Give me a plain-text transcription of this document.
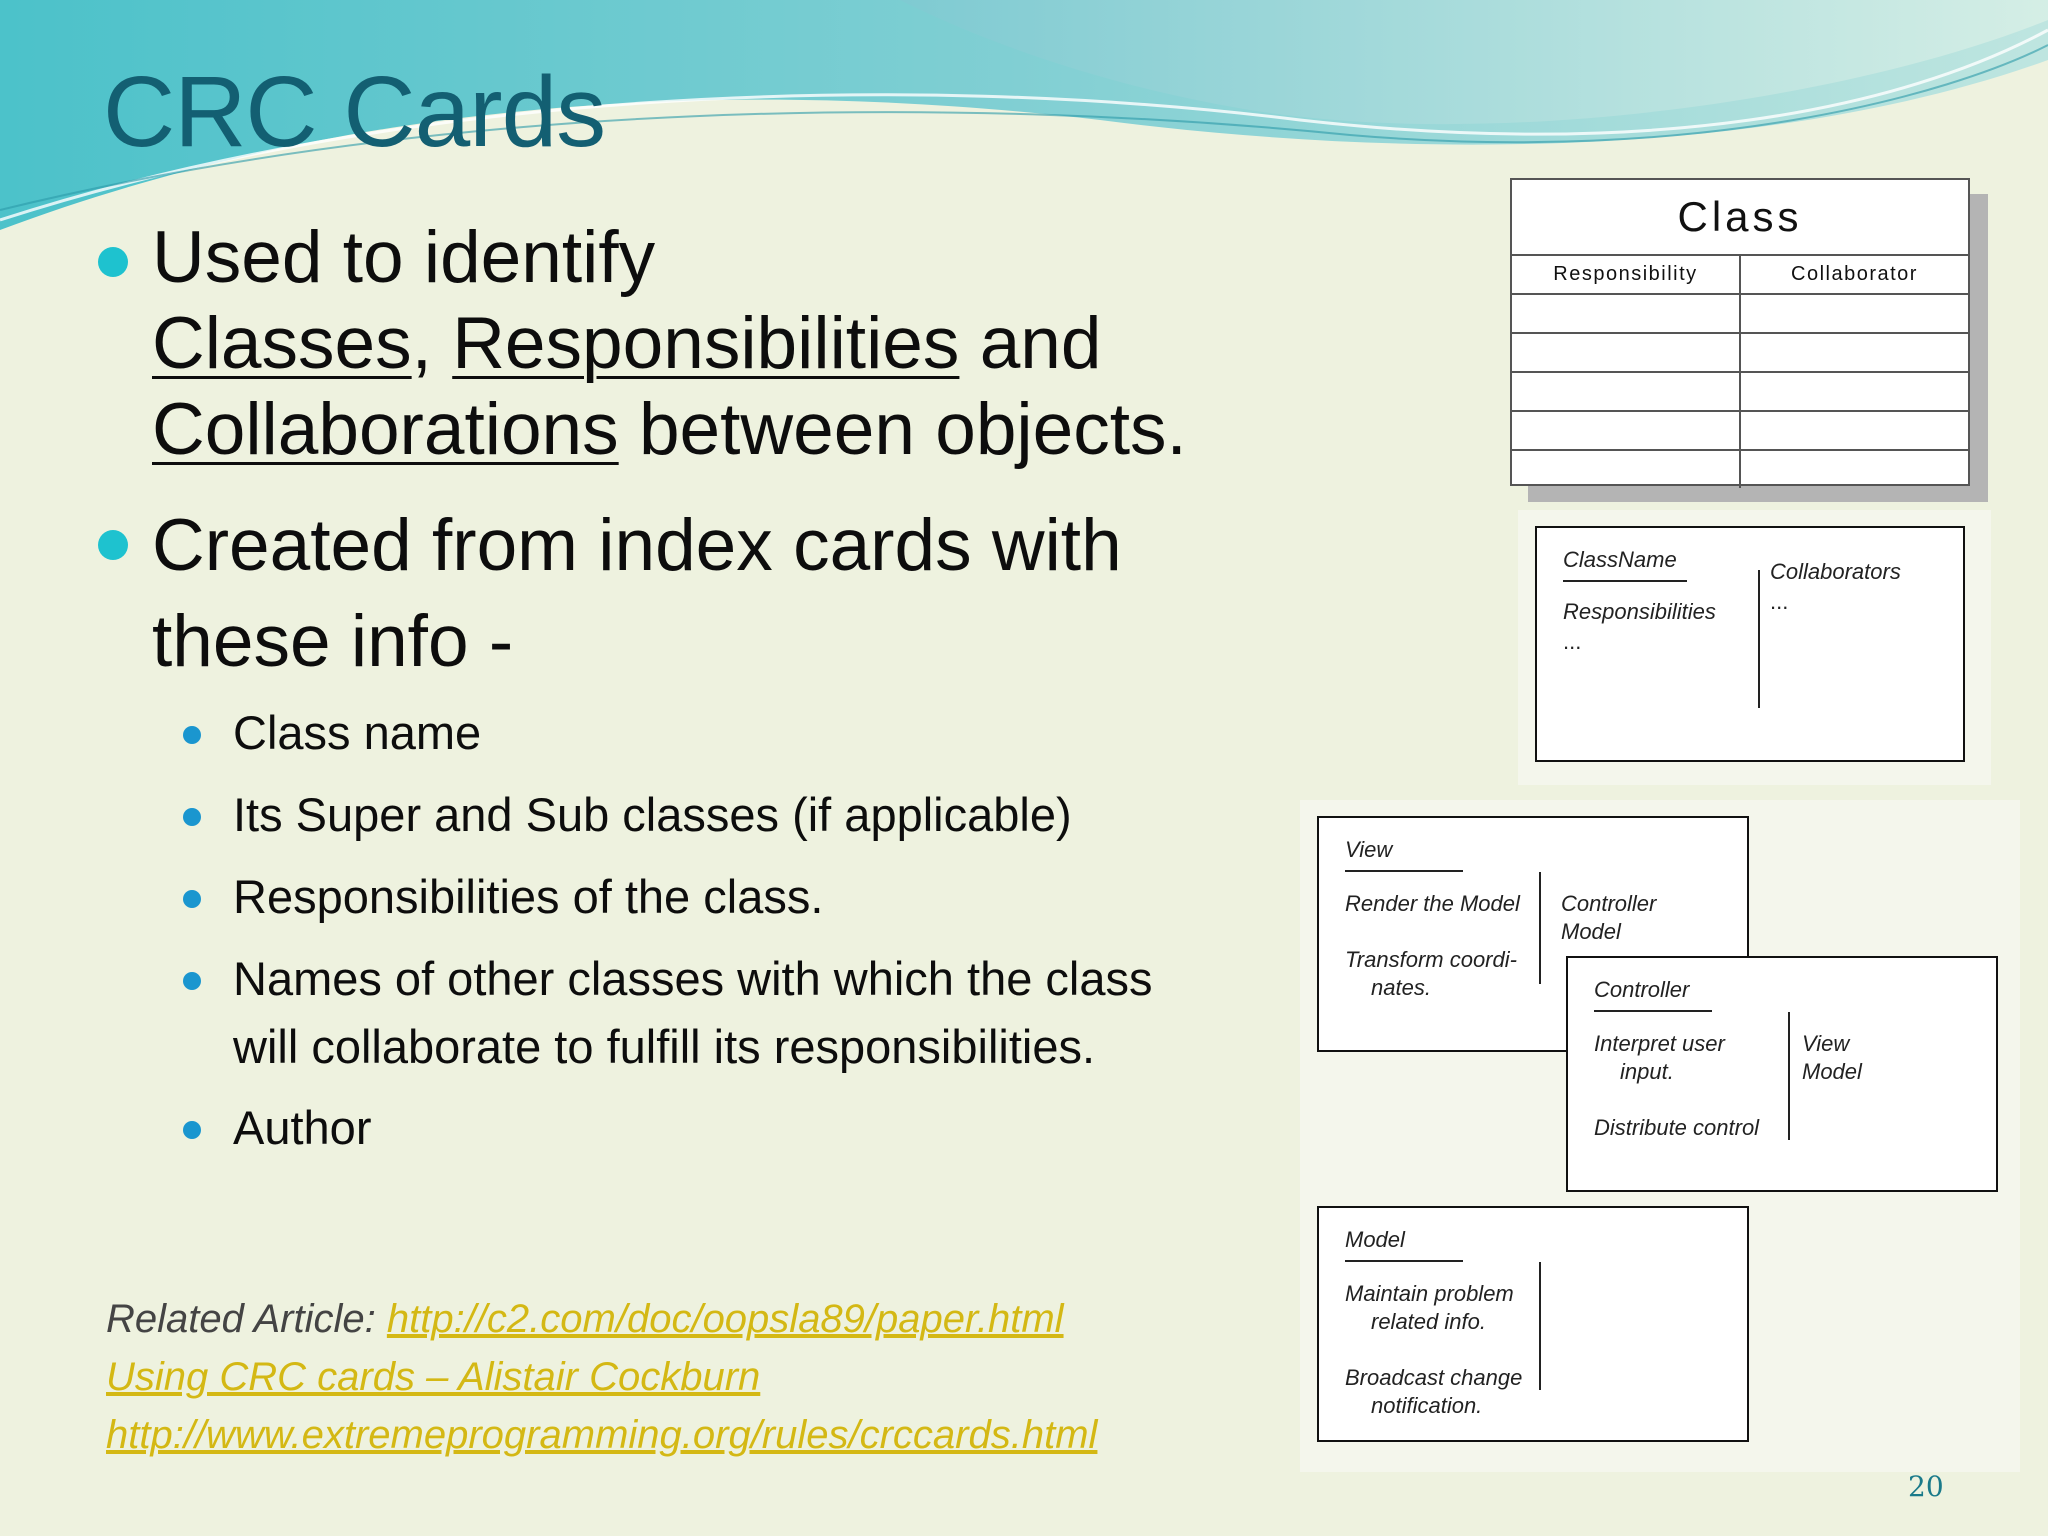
CRC Cards
Used to identify
Classes, Responsibilities and
Collaborations between objects.
Created from index cards with
these info -
Class name
Its Super and Sub classes (if applicable)
Responsibilities of the class.
Names of other classes with which the class
will collaborate to fulfill its responsibilities.
Author
Related Article: http://c2.com/doc/oopsla89/paper.html
Using CRC cards – Alistair Cockburn
http://www.extremeprogramming.org/rules/crccards.html
Class
Responsibility	Collaborator
ClassName
Responsibilities
...
Collaborators
...
View
Render the Model
Transform coordi-
nates.
Controller
Model
Controller
Interpret user
input.
Distribute control
View
Model
Model
Maintain problem
related info.
Broadcast change
notification.
20
